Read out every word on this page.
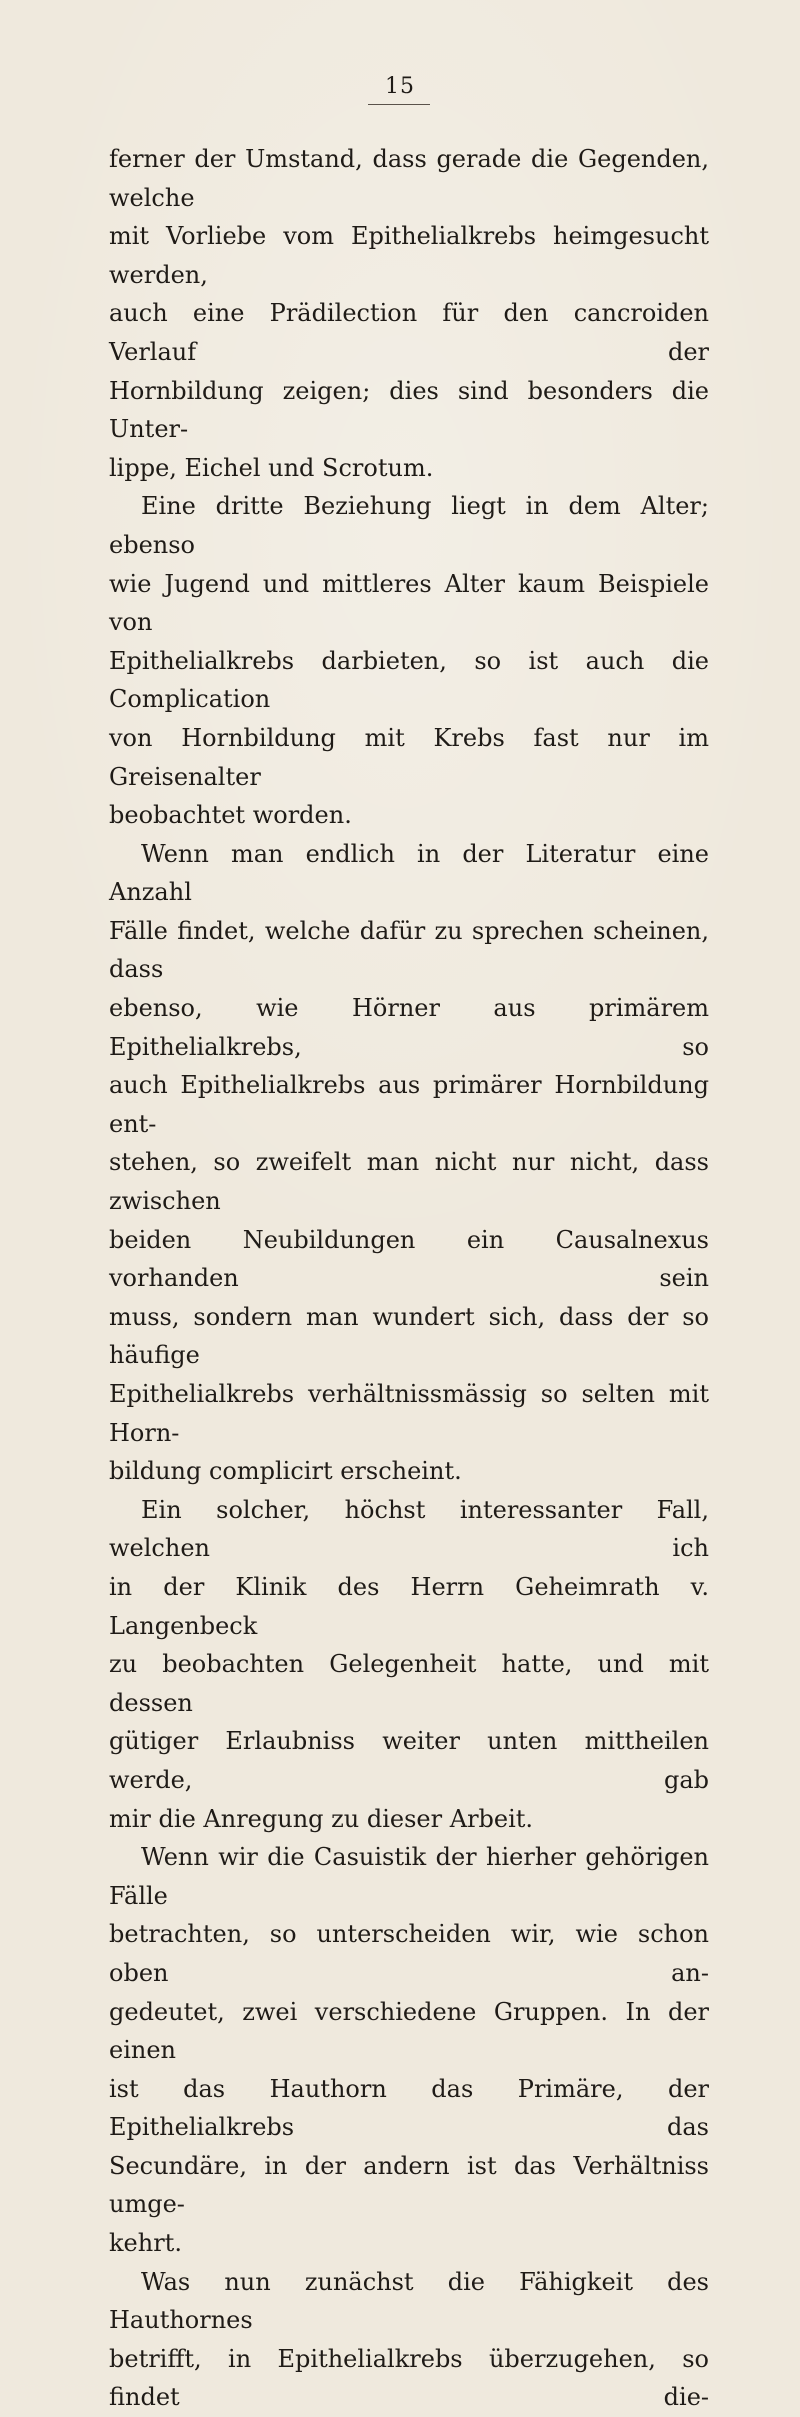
15

ferner der Umstand, dass gerade die Gegenden, welche

mit Vorliebe vom Epithelialkrebs heimgesucht werden,

auch eine Prädilection für den cancroiden Verlauf der

Hornbildung zeigen; dies sind besonders die Unter-

lippe, Eichel und Scrotum.

Eine dritte Beziehung liegt in dem Alter; ebenso

wie Jugend und mittleres Alter kaum Beispiele von

Epithelialkrebs darbieten, so ist auch die Complication

von Hornbildung mit Krebs fast nur im Greisenalter

beobachtet worden.

Wenn man endlich in der Literatur eine Anzahl

Fälle findet, welche dafür zu sprechen scheinen, dass

ebenso, wie Hörner aus primärem Epithelialkrebs, so

auch Epithelialkrebs aus primärer Hornbildung ent-

stehen, so zweifelt man nicht nur nicht, dass zwischen

beiden Neubildungen ein Causalnexus vorhanden sein

muss, sondern man wundert sich, dass der so häufige

Epithelialkrebs verhältnissmässig so selten mit Horn-

bildung complicirt erscheint.

Ein solcher, höchst interessanter Fall, welchen ich

in der Klinik des Herrn Geheimrath v. Langenbeck

zu beobachten Gelegenheit hatte, und mit dessen

gütiger Erlaubniss weiter unten mittheilen werde, gab

mir die Anregung zu dieser Arbeit.

Wenn wir die Casuistik der hierher gehörigen Fälle

betrachten, so unterscheiden wir, wie schon oben an-

gedeutet, zwei verschiedene Gruppen. In der einen

ist das Hauthorn das Primäre, der Epithelialkrebs das

Secundäre, in der andern ist das Verhältniss umge-

kehrt.

Was nun zunächst die Fähigkeit des Hauthornes

betrifft, in Epithelialkrebs überzugehen, so findet die-
